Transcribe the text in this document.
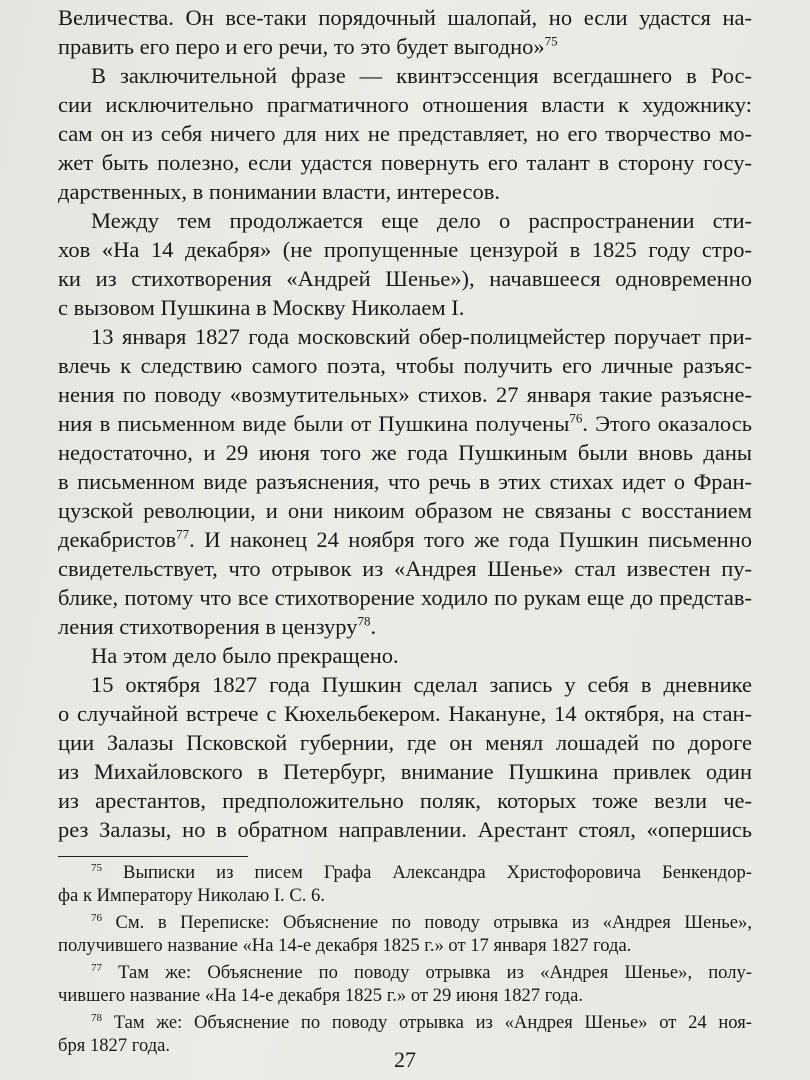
Величества. Он все-таки порядочный шалопай, но если удастся на-
править его перо и его речи, то это будет выгодно»$^{75}$
В заключительной фразе — квинтэссенция всегдашнего в Рос-
сии исключительно прагматичного отношения власти к художнику:
сам он из себя ничего для них не представляет, но его творчество мо-
жет быть полезно, если удастся повернуть его талант в сторону госу-
дарственных, в понимании власти, интересов.
Между тем продолжается еще дело о распространении сти-
хов «На 14 декабря» (не пропущенные цензурой в 1825 году стро-
ки из стихотворения «Андрей Шенье»), начавшееся одновременно
с вызовом Пушкина в Москву Николаем I.
13 января 1827 года московский обер-полицмейстер поручает при-
влечь к следствию самого поэта, чтобы получить его личные разъяс-
нения по поводу «возмутительных» стихов. 27 января такие разъясне-
ния в письменном виде были от Пушкина получены$^{76}$. Этого оказалось
недостаточно, и 29 июня того же года Пушкиным были вновь даны
в письменном виде разъяснения, что речь в этих стихах идет о Фран-
цузской революции, и они никоим образом не связаны с восстанием
декабристов$^{77}$. И наконец 24 ноября того же года Пушкин письменно
свидетельствует, что отрывок из «Андрея Шенье» стал известен пу-
блике, потому что все стихотворение ходило по рукам еще до представ-
ления стихотворения в цензуру$^{78}$.
На этом дело было прекращено.
15 октября 1827 года Пушкин сделал запись у себя в дневнике
о случайной встрече с Кюхельбекером. Накануне, 14 октября, на стан-
ции Залазы Псковской губернии, где он менял лошадей по дороге
из Михайловского в Петербург, внимание Пушкина привлек один
из арестантов, предположительно поляк, которых тоже везли че-
рез Залазы, но в обратном направлении. Арестант стоял, «опершись
$^{75}$ Выписки из писем Графа Александра Христофоровича Бенкендор-
фа к Императору Николаю I. С. 6.
$^{76}$ См. в Переписке: Объяснение по поводу отрывка из «Андрея Шенье»,
получившего название «На 14-е декабря 1825 г.» от 17 января 1827 года.
$^{77}$ Там же: Объяснение по поводу отрывка из «Андрея Шенье», полу-
чившего название «На 14-е декабря 1825 г.» от 29 июня 1827 года.
$^{78}$ Там же: Объяснение по поводу отрывка из «Андрея Шенье» от 24 ноя-
бря 1827 года.
27
